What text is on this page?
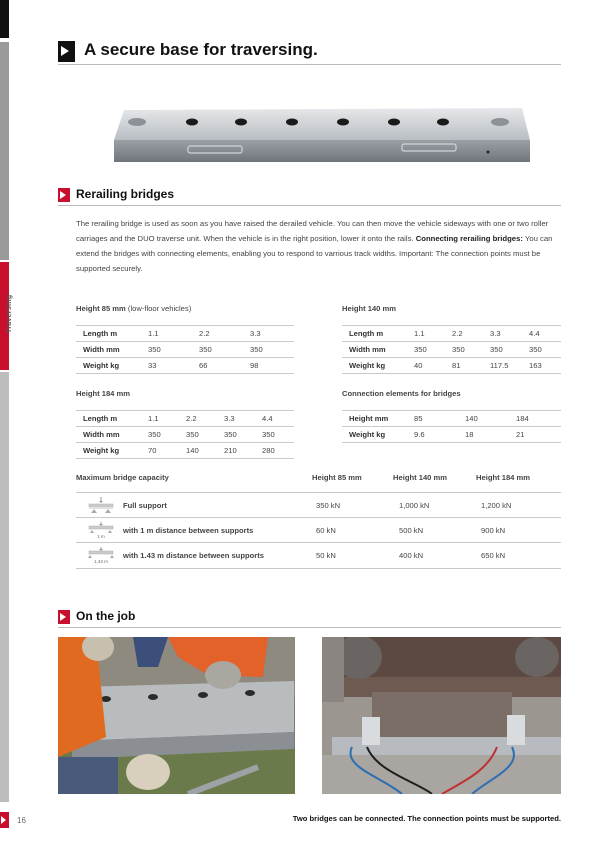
Traversing
A secure base for traversing.
Rerailing bridges

The rerailing bridge is used as soon as you have raised the derailed vehicle. You can then move the vehicle sideways with one or two roller carriages and the DUO traverse unit. When the vehicle is in the right position, lower it onto the rails. Connecting rerailing bridges: You can extend the bridges with connecting elements, enabling you to respond to varrious track widths. Important: The connection points must be supported securely.

Height 85 mm (low-floor vehicles)
Length m	1.1	2.2	3.3
Width mm	350	350	350
Weight kg	33	66	98
Height 140 mm
Length m	1.1	2.2	3.3	4.4
Width mm	350	350	350	350
Weight kg	40	81	117.5	163
Height 184 mm
Length m	1.1	2.2	3.3	4.4
Width mm	350	350	350	350
Weight kg	70	140	210	280
Connection elements for bridges
Height mm	85	140	184
Weight kg	9.6	18	21
Maximum bridge capacity	Height 85 mm	Height 140 mm	Height 184 mm
Full support	350 kN	1,000 kN	1,200 kN
1 m
with 1 m distance between supports	60 kN	500 kN	900 kN
1,43 m
with 1.43 m distance between supports	50 kN	400 kN	650 kN
On the job
16	Two bridges can be connected. The connection points must be supported.
